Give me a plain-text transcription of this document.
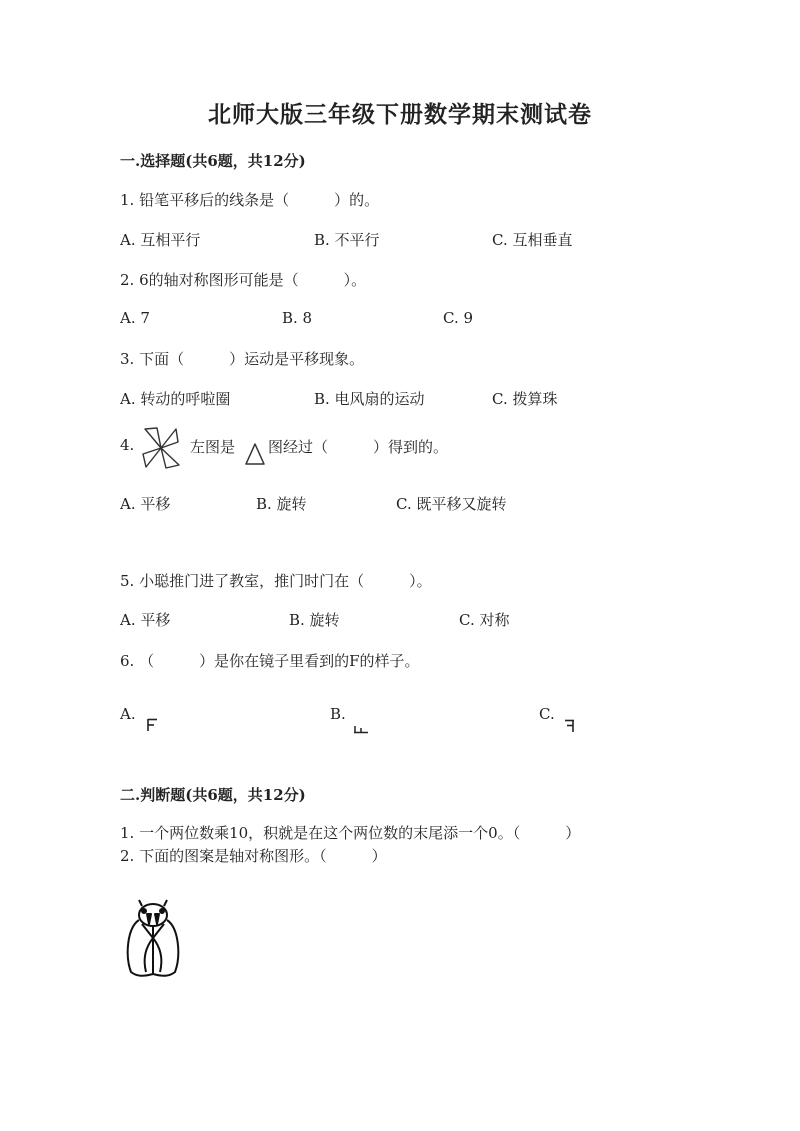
北师大版三年级下册数学期末测试卷
一.选择题(共6题，共12分)
1. 铅笔平移后的线条是（　　　）的。
A. 互相平行	B. 不平行	C. 互相垂直
2. 6的轴对称图形可能是（　　　）。
A. 7	B. 8	C. 9
3. 下面（　　　）运动是平移现象。
A. 转动的呼啦圈	B. 电风扇的运动	C. 拨算珠
4.	左图是 图经过（　　　）得到的。
A. 平移	B. 旋转	C. 既平移又旋转
5. 小聪推门进了教室，推门时门在（　　　）。
A. 平移	B. 旋转	C. 对称
6. （　　　）是你在镜子里看到的F的样子。
A.	B.	C.
二.判断题(共6题，共12分)
1. 一个两位数乘10，积就是在这个两位数的末尾添一个0。（　　　）
2. 下面的图案是轴对称图形。（　　　）
